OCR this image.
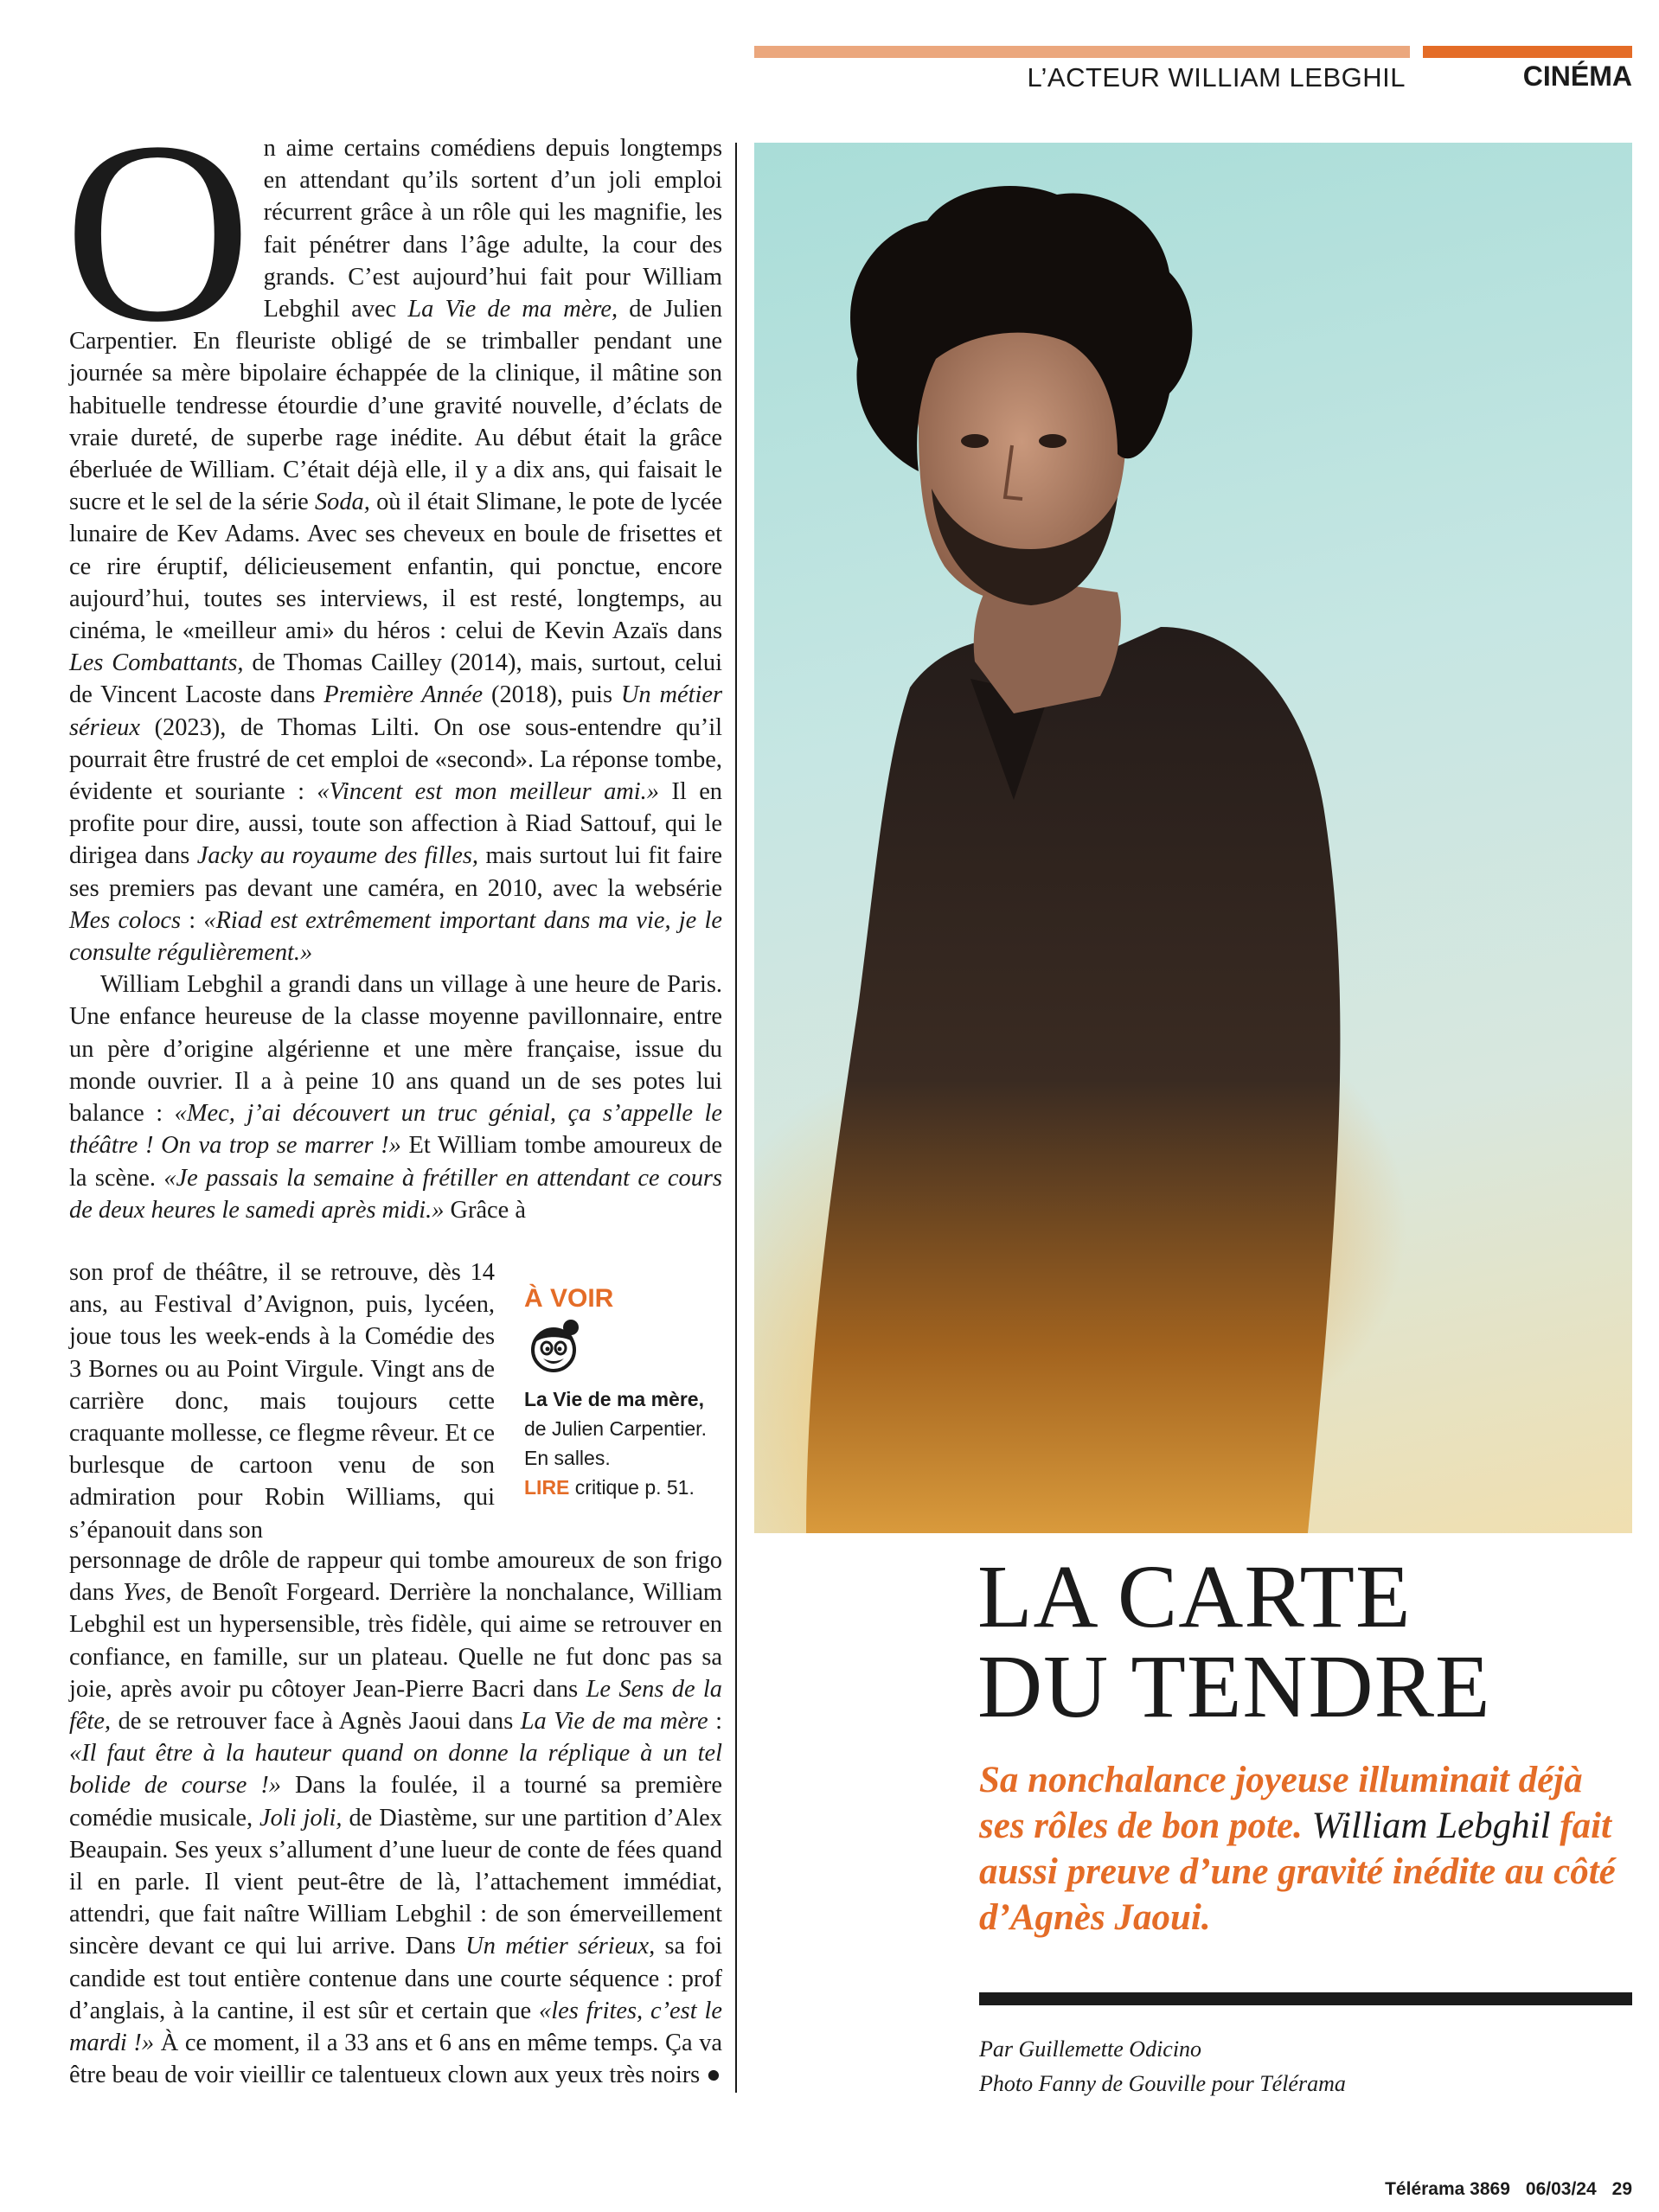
L’ACTEUR WILLIAM LEBGHIL	CINÉMA

O n aime certains comédiens depuis longtemps en attendant qu’ils sortent d’un joli emploi récurrent grâce à un rôle qui les magnifie, les fait pénétrer dans l’âge adulte, la cour des grands. C’est aujourd’hui fait pour William Lebghil avec La Vie de ma mère, de Julien Carpentier. En fleuriste obligé de se trimballer pendant une journée sa mère bipolaire échappée de la clinique, il mâtine son habituelle tendresse étourdie d’une gravité nouvelle, d’éclats de vraie dureté, de superbe rage inédite. Au début était la grâce éberluée de William. C’était déjà elle, il y a dix ans, qui faisait le sucre et le sel de la série Soda, où il était Slimane, le pote de lycée lunaire de Kev Adams. Avec ses cheveux en boule de frisettes et ce rire éruptif, délicieusement enfantin, qui ponctue, encore aujourd’hui, toutes ses interviews, il est resté, longtemps, au cinéma, le «meilleur ami» du héros : celui de Kevin Azaïs dans Les Combattants, de Thomas Cailley (2014), mais, surtout, celui de Vincent Lacoste dans Première Année (2018), puis Un métier sérieux (2023), de Thomas Lilti. On ose sous-entendre qu’il pourrait être frustré de cet emploi de «second». La réponse tombe, évidente et souriante : «Vincent est mon meilleur ami.» Il en profite pour dire, aussi, toute son affection à Riad Sattouf, qui le dirigea dans Jacky au royaume des filles, mais surtout lui fit faire ses premiers pas devant une caméra, en 2010, avec la websérie Mes colocs : «Riad est extrêmement important dans ma vie, je le consulte régulièrement.»

William Lebghil a grandi dans un village à une heure de Paris. Une enfance heureuse de la classe moyenne pavillonnaire, entre un père d’origine algérienne et une mère française, issue du monde ouvrier. Il a à peine 10 ans quand un de ses potes lui balance : «Mec, j’ai découvert un truc génial, ça s’appelle le théâtre ! On va trop se marrer !» Et William tombe amoureux de la scène. «Je passais la semaine à frétiller en attendant ce cours de deux heures le samedi après midi.» Grâce à

son prof de théâtre, il se retrouve, dès 14 ans, au Festival d’Avignon, puis, lycéen, joue tous les week-ends à la Comédie des 3 Bornes ou au Point Virgule. Vingt ans de carrière donc, mais toujours cette craquante mollesse, ce flegme rêveur. Et ce burlesque de cartoon venu de son admiration pour Robin Williams, qui s’épanouit dans son

À VOIR
La Vie de ma mère,
de Julien Carpentier.
En salles.
LIRE critique p. 51.

personnage de drôle de rappeur qui tombe amoureux de son frigo dans Yves, de Benoît Forgeard. Derrière la nonchalance, William Lebghil est un hypersensible, très fidèle, qui aime se retrouver en confiance, en famille, sur un plateau. Quelle ne fut donc pas sa joie, après avoir pu côtoyer Jean-Pierre Bacri dans Le Sens de la fête, de se retrouver face à Agnès Jaoui dans La Vie de ma mère : «Il faut être à la hauteur quand on donne la réplique à un tel bolide de course !» Dans la foulée, il a tourné sa première comédie musicale, Joli joli, de Diastème, sur une partition d’Alex Beaupain. Ses yeux s’allument d’une lueur de conte de fées quand il en parle. Il vient peut-être de là, l’attachement immédiat, attendri, que fait naître William Lebghil : de son émerveillement sincère devant ce qui lui arrive. Dans Un métier sérieux, sa foi candide est tout entière contenue dans une courte séquence : prof d’anglais, à la cantine, il est sûr et certain que «les frites, c’est le mardi !» À ce moment, il a 33 ans et 6 ans en même temps. Ça va être beau de voir vieillir ce talentueux clown aux yeux très noirs ●

LA CARTE
DU TENDRE
Sa nonchalance joyeuse illuminait déjà ses rôles de bon pote. William Lebghil fait aussi preuve d’une gravité inédite au côté d’Agnès Jaoui.
Par Guillemette Odicino
Photo Fanny de Gouville pour Télérama
Télérama 3869 06/03/24 29
